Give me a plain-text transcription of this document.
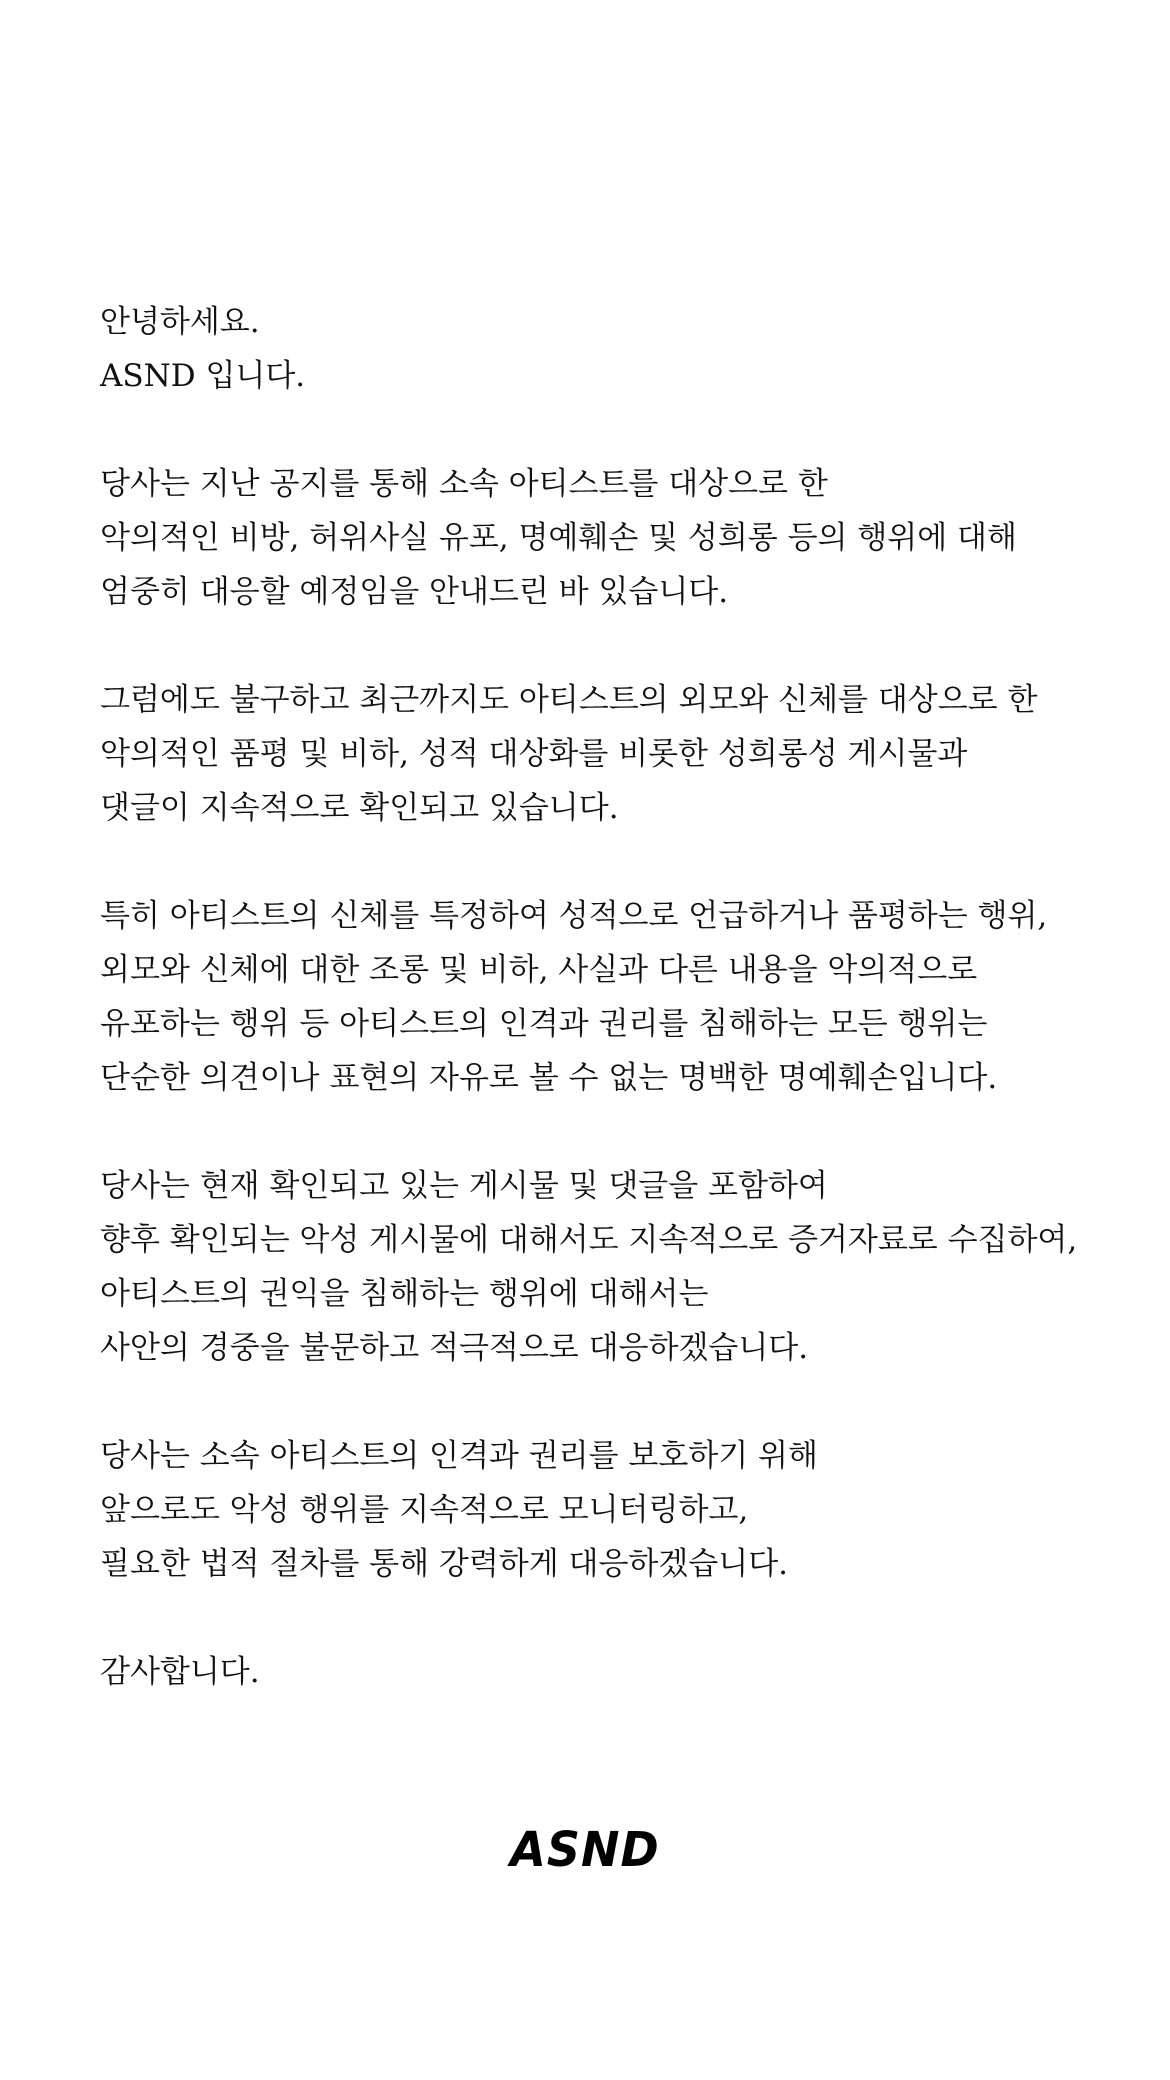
안녕하세요.
ASND 입니다.
당사는 지난 공지를 통해 소속 아티스트를 대상으로 한
악의적인 비방, 허위사실 유포, 명예훼손 및 성희롱 등의 행위에 대해
엄중히 대응할 예정임을 안내드린 바 있습니다.
그럼에도 불구하고 최근까지도 아티스트의 외모와 신체를 대상으로 한
악의적인 품평 및 비하, 성적 대상화를 비롯한 성희롱성 게시물과
댓글이 지속적으로 확인되고 있습니다.
특히 아티스트의 신체를 특정하여 성적으로 언급하거나 품평하는 행위,
외모와 신체에 대한 조롱 및 비하, 사실과 다른 내용을 악의적으로
유포하는 행위 등 아티스트의 인격과 권리를 침해하는 모든 행위는
단순한 의견이나 표현의 자유로 볼 수 없는 명백한 명예훼손입니다.
당사는 현재 확인되고 있는 게시물 및 댓글을 포함하여
향후 확인되는 악성 게시물에 대해서도 지속적으로 증거자료로 수집하여,
아티스트의 권익을 침해하는 행위에 대해서는
사안의 경중을 불문하고 적극적으로 대응하겠습니다.
당사는 소속 아티스트의 인격과 권리를 보호하기 위해
앞으로도 악성 행위를 지속적으로 모니터링하고,
필요한 법적 절차를 통해 강력하게 대응하겠습니다.
감사합니다.
ASND
